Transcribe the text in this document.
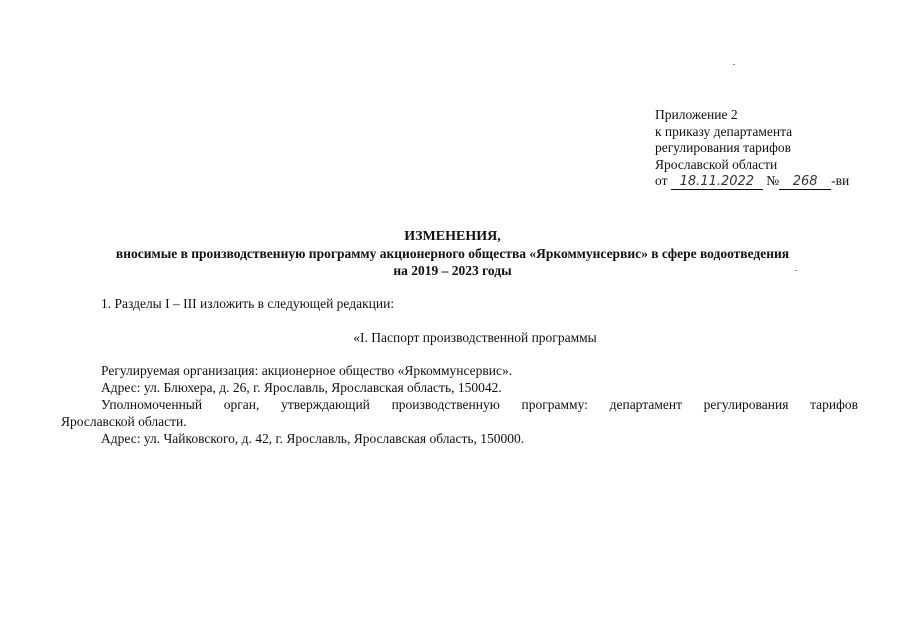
Приложение 2
к приказу департамента
регулирования тарифов
Ярославской области
от 18.11.2022 № 268 -ви
ИЗМЕНЕНИЯ,
вносимые в производственную программу акционерного общества «Яркоммунсервис» в сфере водоотведения
на 2019 – 2023 годы
1. Разделы I – III изложить в следующей редакции:
«I. Паспорт производственной программы
Регулируемая организация: акционерное общество «Яркоммунсервис».
Адрес: ул. Блюхера, д. 26, г. Ярославль, Ярославская область, 150042.
Уполномоченный орган, утверждающий производственную программу: департамент регулирования тарифов
Ярославской области.
Адрес: ул. Чайковского, д. 42, г. Ярославль, Ярославская область, 150000.
